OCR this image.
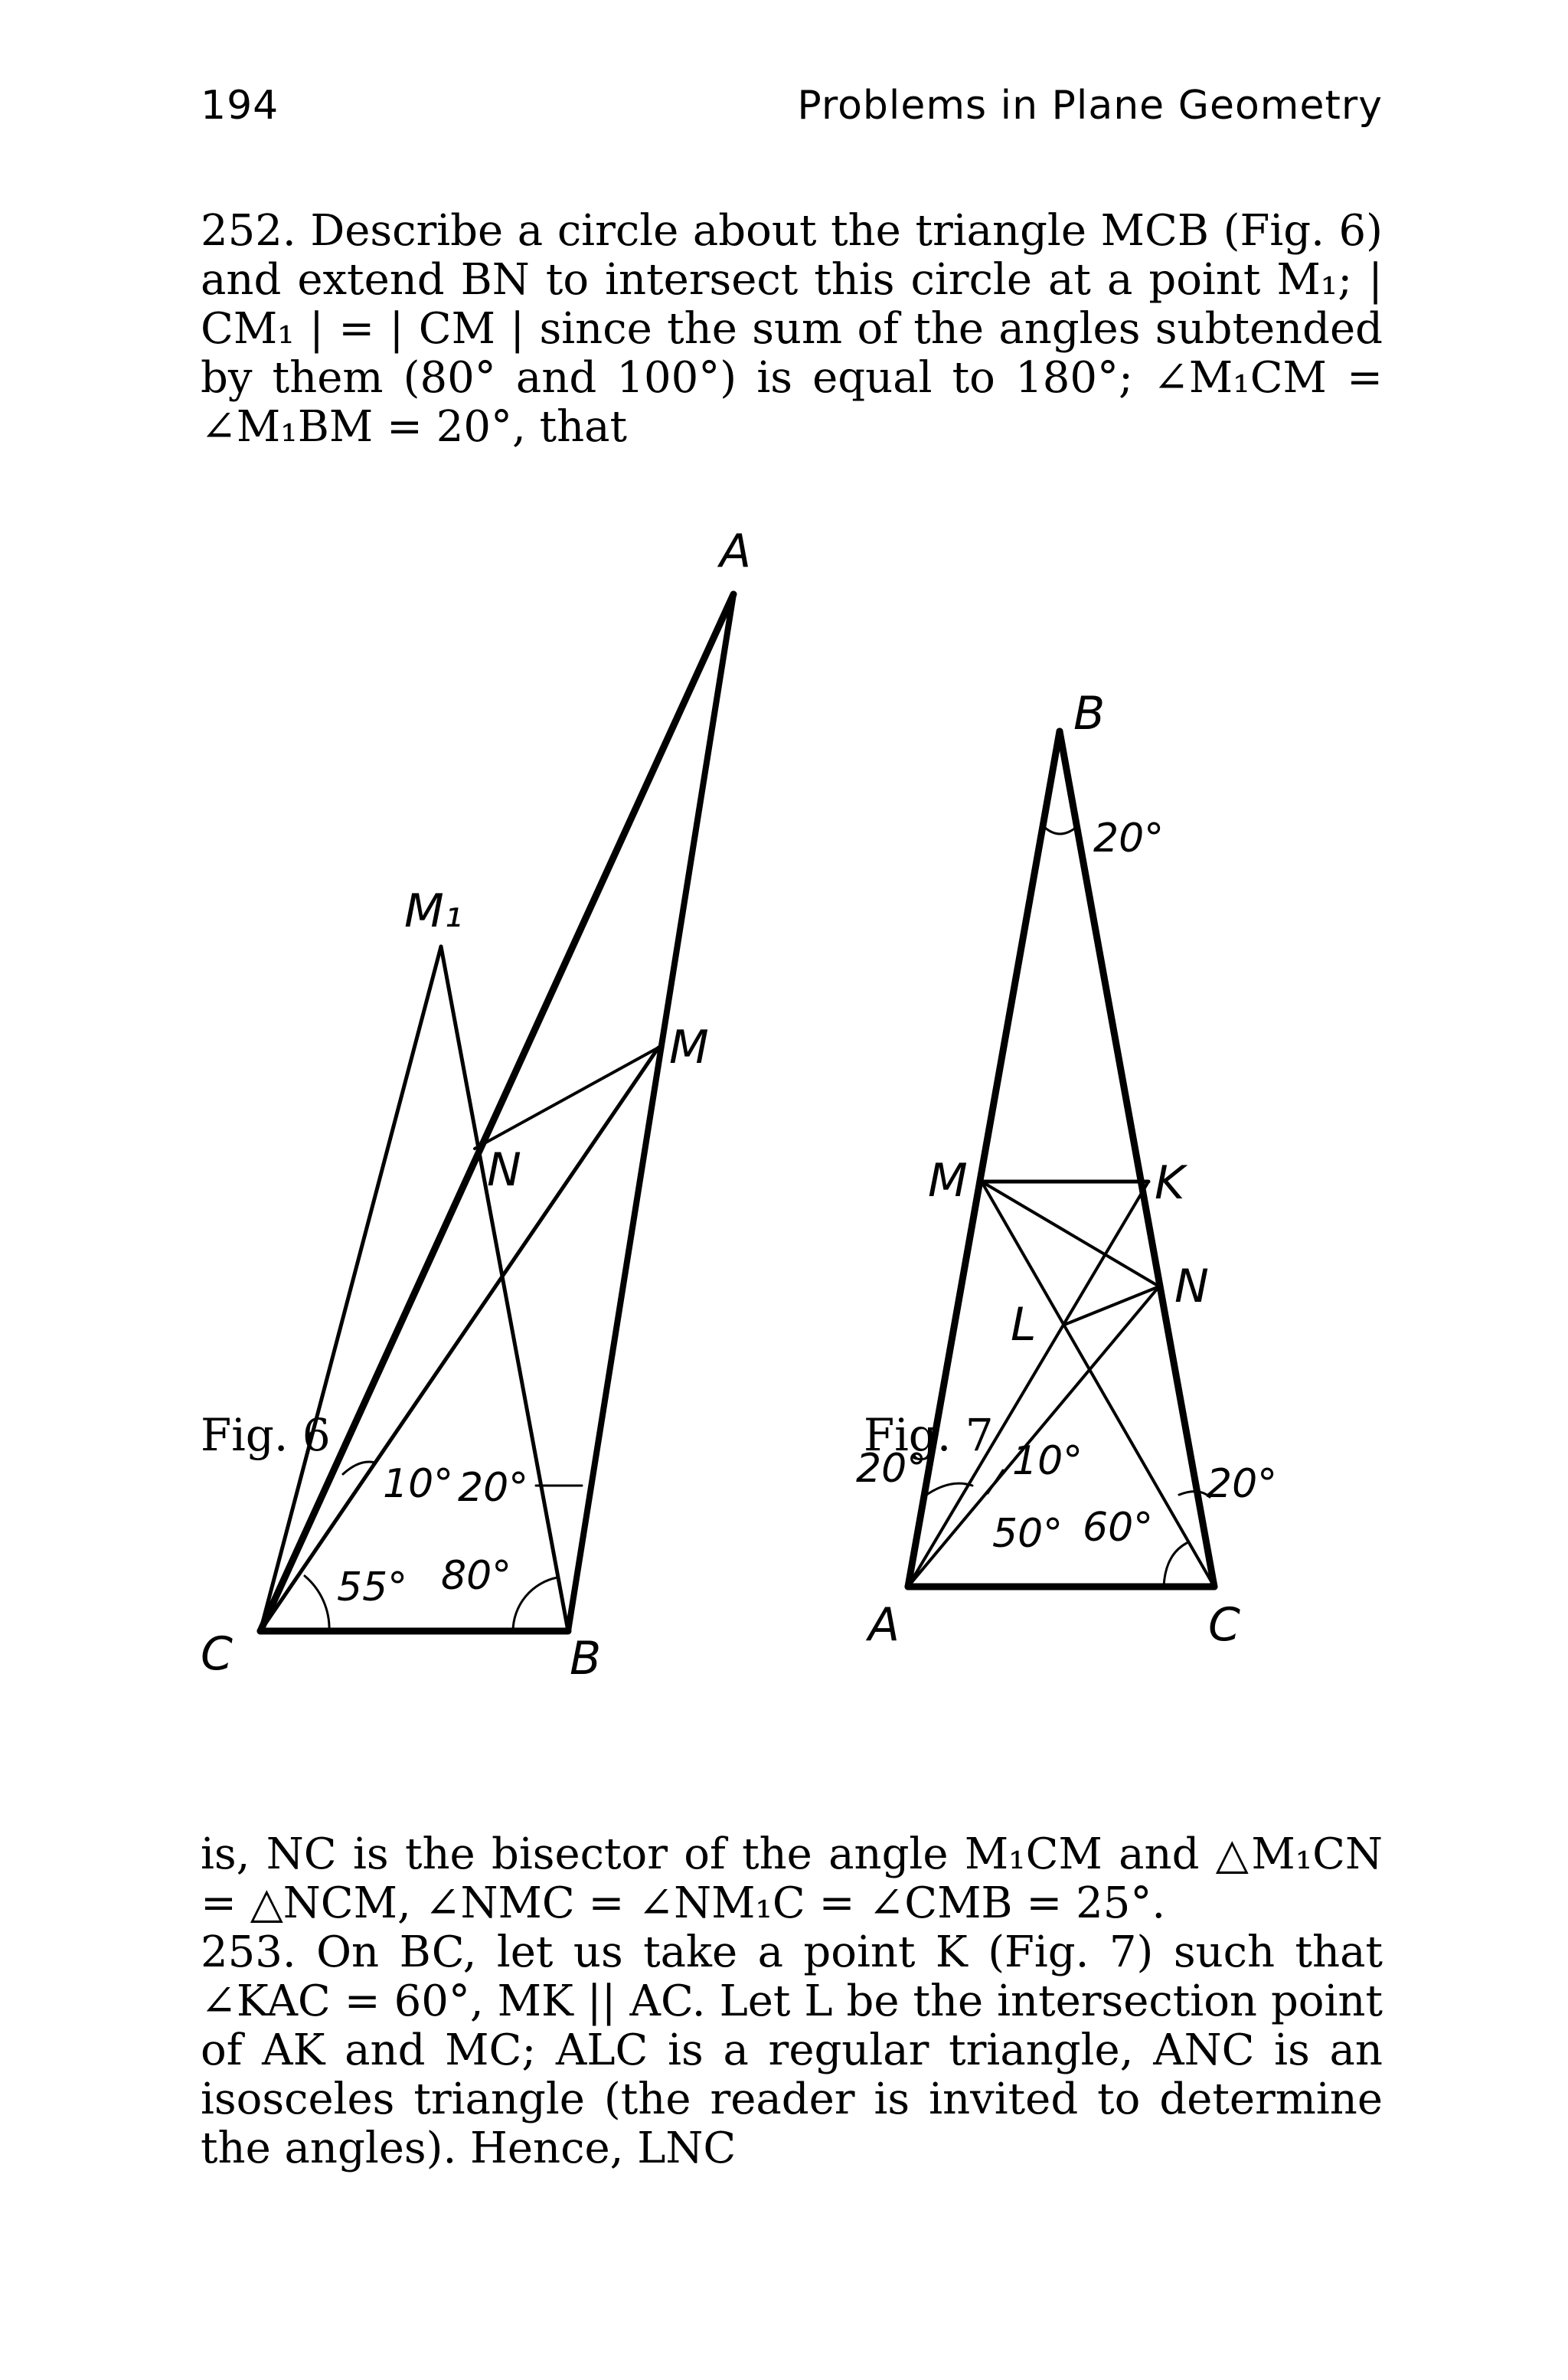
194	Problems in Plane Geometry

252. Describe a circle about the triangle MCB (Fig. 6) and extend BN to intersect this circle at a point M₁; | CM₁ | = | CM | since the sum of the angles subtended by them (80° and 100°) is equal to 180°; ∠M₁CM = ∠M₁BM = 20°, that

A
M₁
M
N
C	B
10° 20°
55° 80°
B
M	K
N
L
A	C
20°
20° 10°
50° 60°
20°
Fig. 6	Fig. 7

is, NC is the bisector of the angle M₁CM and △M₁CN = △NCM, ∠NMC = ∠NM₁C = ∠CMB = 25°.

253. On BC, let us take a point K (Fig. 7) such that ∠KAC = 60°, MK || AC. Let L be the intersection point of AK and MC; ALC is a regular triangle, ANC is an isosceles triangle (the reader is invited to determine the angles). Hence, LNC
